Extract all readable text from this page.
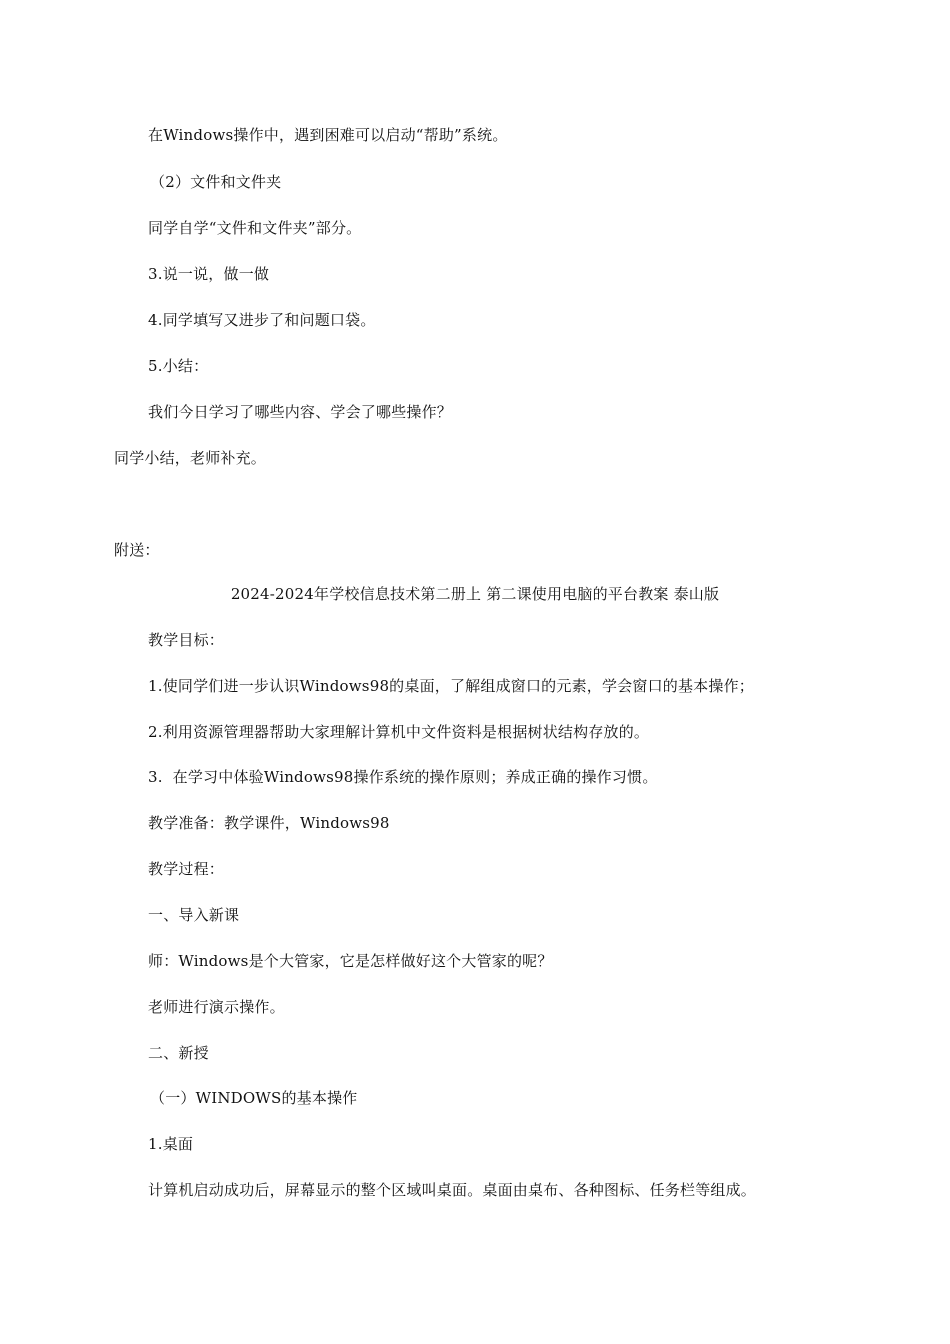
在Windows操作中，遇到困难可以启动“帮助”系统。

（2）文件和文件夹

同学自学“文件和文件夹”部分。

3.说一说，做一做

4.同学填写又进步了和问题口袋。

5.小结：

我们今日学习了哪些内容、学会了哪些操作？

同学小结，老师补充。

附送：

2024-2024年学校信息技术第二册上 第二课使用电脑的平台教案 泰山版

教学目标：

1.使同学们进一步认识Windows98的桌面，了解组成窗口的元素，学会窗口的基本操作；

2.利用资源管理器帮助大家理解计算机中文件资料是根据树状结构存放的。

3.  在学习中体验Windows98操作系统的操作原则；养成正确的操作习惯。

教学准备：教学课件，Windows98

教学过程：

一、导入新课

师：Windows是个大管家，它是怎样做好这个大管家的呢？

老师进行演示操作。

二、新授

（一）WINDOWS的基本操作

1.桌面

计算机启动成功后，屏幕显示的整个区域叫桌面。桌面由桌布、各种图标、任务栏等组成。
